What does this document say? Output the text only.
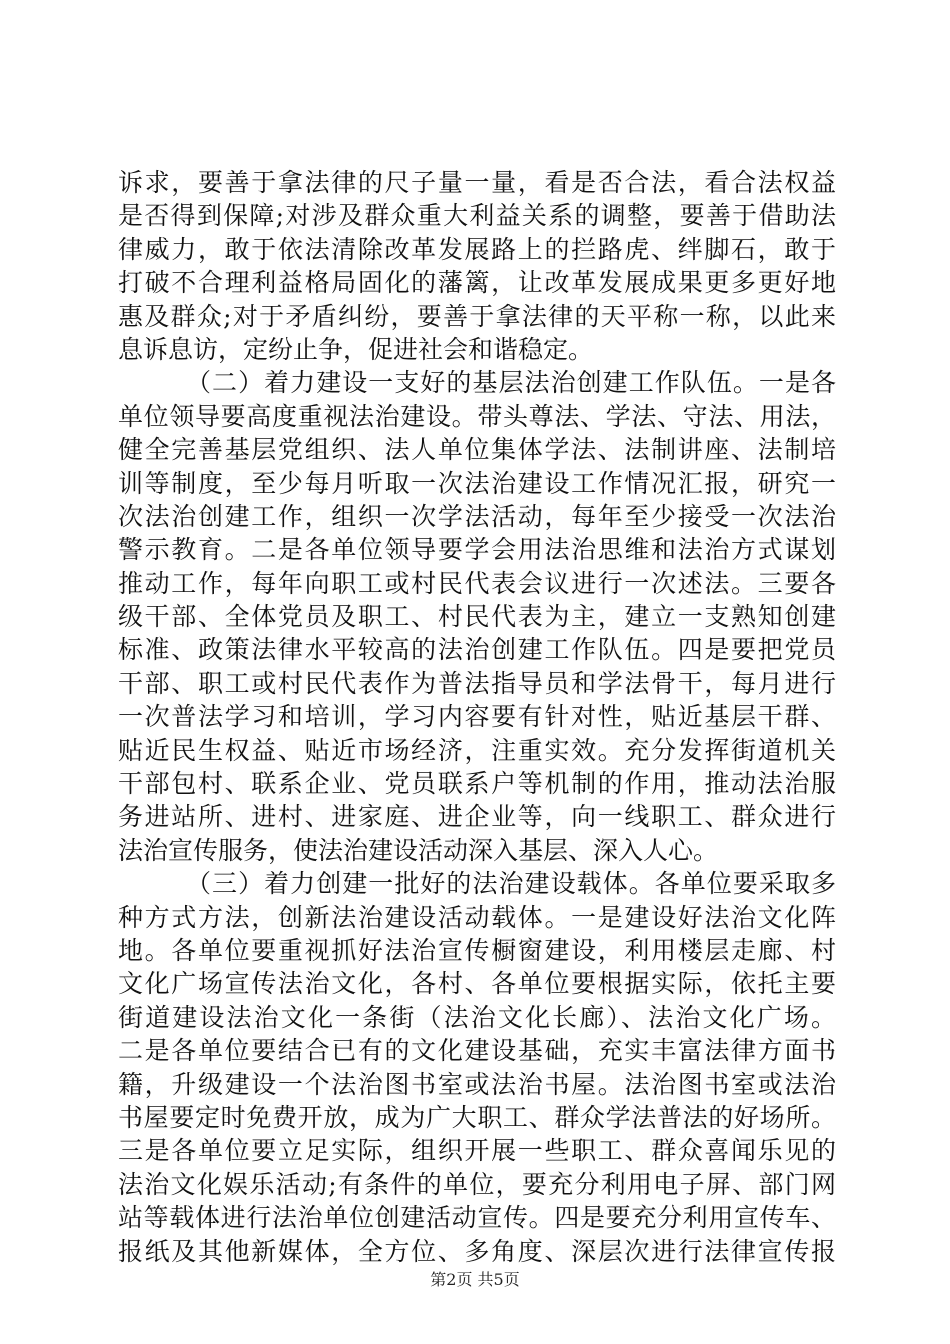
诉求，要善于拿法律的尺子量一量，看是否合法，看合法权益
是否得到保障;对涉及群众重大利益关系的调整，要善于借助法
律威力，敢于依法清除改革发展路上的拦路虎、绊脚石，敢于
打破不合理利益格局固化的藩篱，让改革发展成果更多更好地
惠及群众;对于矛盾纠纷，要善于拿法律的天平称一称，以此来
息诉息访，定纷止争，促进社会和谐稳定。
（二）着力建设一支好的基层法治创建工作队伍。一是各
单位领导要高度重视法治建设。带头尊法、学法、守法、用法，
健全完善基层党组织、法人单位集体学法、法制讲座、法制培
训等制度，至少每月听取一次法治建设工作情况汇报，研究一
次法治创建工作，组织一次学法活动，每年至少接受一次法治
警示教育。二是各单位领导要学会用法治思维和法治方式谋划
推动工作，每年向职工或村民代表会议进行一次述法。三要各
级干部、全体党员及职工、村民代表为主，建立一支熟知创建
标准、政策法律水平较高的法治创建工作队伍。四是要把党员
干部、职工或村民代表作为普法指导员和学法骨干，每月进行
一次普法学习和培训，学习内容要有针对性，贴近基层干群、
贴近民生权益、贴近市场经济，注重实效。充分发挥街道机关
干部包村、联系企业、党员联系户等机制的作用，推动法治服
务进站所、进村、进家庭、进企业等，向一线职工、群众进行
法治宣传服务，使法治建设活动深入基层、深入人心。
（三）着力创建一批好的法治建设载体。各单位要采取多
种方式方法，创新法治建设活动载体。一是建设好法治文化阵
地。各单位要重视抓好法治宣传橱窗建设，利用楼层走廊、村
文化广场宣传法治文化，各村、各单位要根据实际，依托主要
街道建设法治文化一条街（法治文化长廊）、法治文化广场。
二是各单位要结合已有的文化建设基础，充实丰富法律方面书
籍，升级建设一个法治图书室或法治书屋。法治图书室或法治
书屋要定时免费开放，成为广大职工、群众学法普法的好场所。
三是各单位要立足实际，组织开展一些职工、群众喜闻乐见的
法治文化娱乐活动;有条件的单位，要充分利用电子屏、部门网
站等载体进行法治单位创建活动宣传。四是要充分利用宣传车、
报纸及其他新媒体，全方位、多角度、深层次进行法律宣传报
第2页 共5页
